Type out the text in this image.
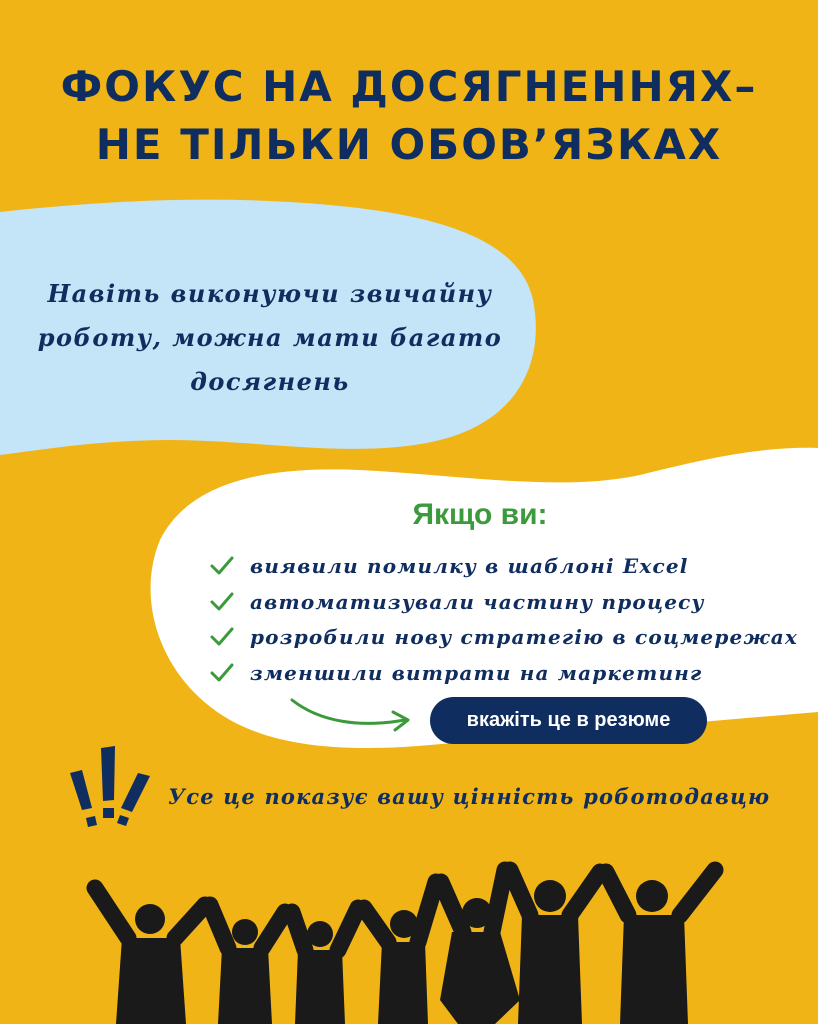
ФОКУС НА ДОСЯГНЕННЯХ–
НЕ ТІЛЬКИ ОБОВ’ЯЗКАХ
Навіть виконуючи звичайну
роботу, можна мати багато
досягнень
Якщо ви:
виявили помилку в шаблоні Excel
автоматизували частину процесу
розробили нову стратегію в соцмережах
зменшили витрати на маркетинг
вкажіть це в резюме
Усе це показує вашу цінність роботодавцю
